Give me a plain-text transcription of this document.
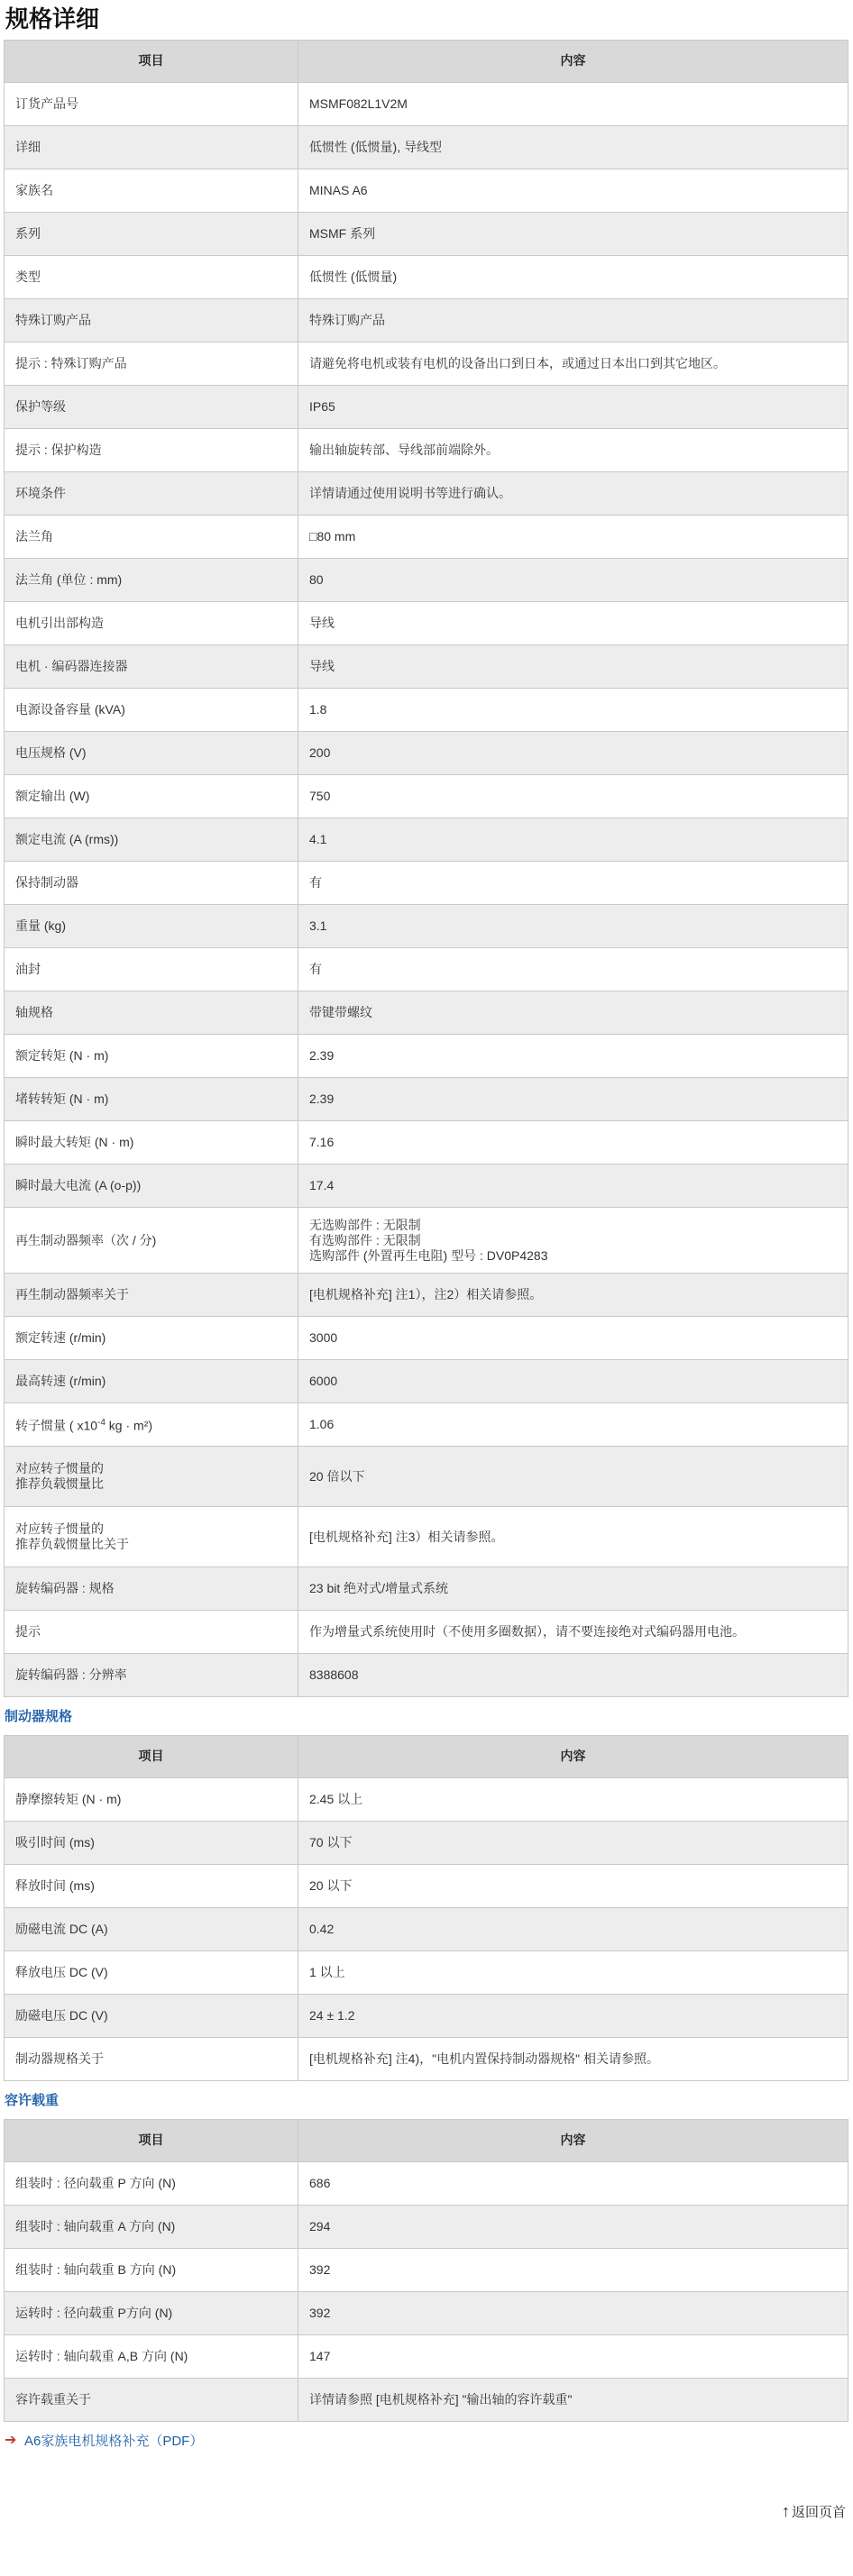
规格详细
项目	内容
订货产品号	MSMF082L1V2M
详细	低惯性 (低惯量), 导线型
家族名	MINAS A6
系列	MSMF 系列
类型	低惯性 (低惯量)
特殊订购产品	特殊订购产品
提示 : 特殊订购产品	请避免将电机或装有电机的设备出口到日本，或通过日本出口到其它地区。
保护等级	IP65
提示 : 保护构造	输出轴旋转部、导线部前端除外。
环境条件	详情请通过使用说明书等进行确认。
法兰角	□80 mm
法兰角 (单位 : mm)	80
电机引出部构造	导线
电机 · 编码器连接器	导线
电源设备容量 (kVA)	1.8
电压规格 (V)	200
额定输出 (W)	750
额定电流 (A (rms))	4.1
保持制动器	有
重量 (kg)	3.1
油封	有
轴规格	带键带螺纹
额定转矩 (N · m)	2.39
堵转转矩 (N · m)	2.39
瞬时最大转矩 (N · m)	7.16
瞬时最大电流 (A (o-p))	17.4
再生制动器频率（次 / 分)	无选购部件 : 无限制
有选购部件 : 无限制
选购部件 (外置再生电阻) 型号 : DV0P4283

再生制动器频率关于	[电机规格补充] 注1），注2）相关请参照。
额定转速 (r/min)	3000
最高转速 (r/min)	6000
转子惯量 ( $x10^{-4}$ kg · m²)	1.06

对应转子惯量的
推荐负载惯量比	20 倍以下

对应转子惯量的
推荐负载惯量比关于	[电机规格补充] 注3）相关请参照。
旋转编码器 : 规格	23 bit 绝对式/增量式系统
提示	作为增量式系统使用时（不使用多圈数据），请不要连接绝对式编码器用电池。
旋转编码器 : 分辨率	8388608
制动器规格
项目	内容
静摩擦转矩 (N · m)	2.45 以上
吸引时间 (ms)	70 以下
释放时间 (ms)	20 以下
励磁电流 DC (A)	0.42
释放电压 DC (V)	1 以上
励磁电压 DC (V)	24 ± 1.2
制动器规格关于	[电机规格补充] 注4)，"电机内置保持制动器规格" 相关请参照。
容许载重
项目	内容
组装时 : 径向载重 P 方向 (N)	686
组装时 : 轴向载重 A 方向 (N)	294
组装时 : 轴向载重 B 方向 (N)	392
运转时 : 径向载重 P方向 (N)	392
运转时 : 轴向载重 A,B 方向 (N)	147
容许载重关于	详情请参照 [电机规格补充] "输出轴的容许载重"
➔ A6家族电机规格补充（PDF）
↑ 返回页首
